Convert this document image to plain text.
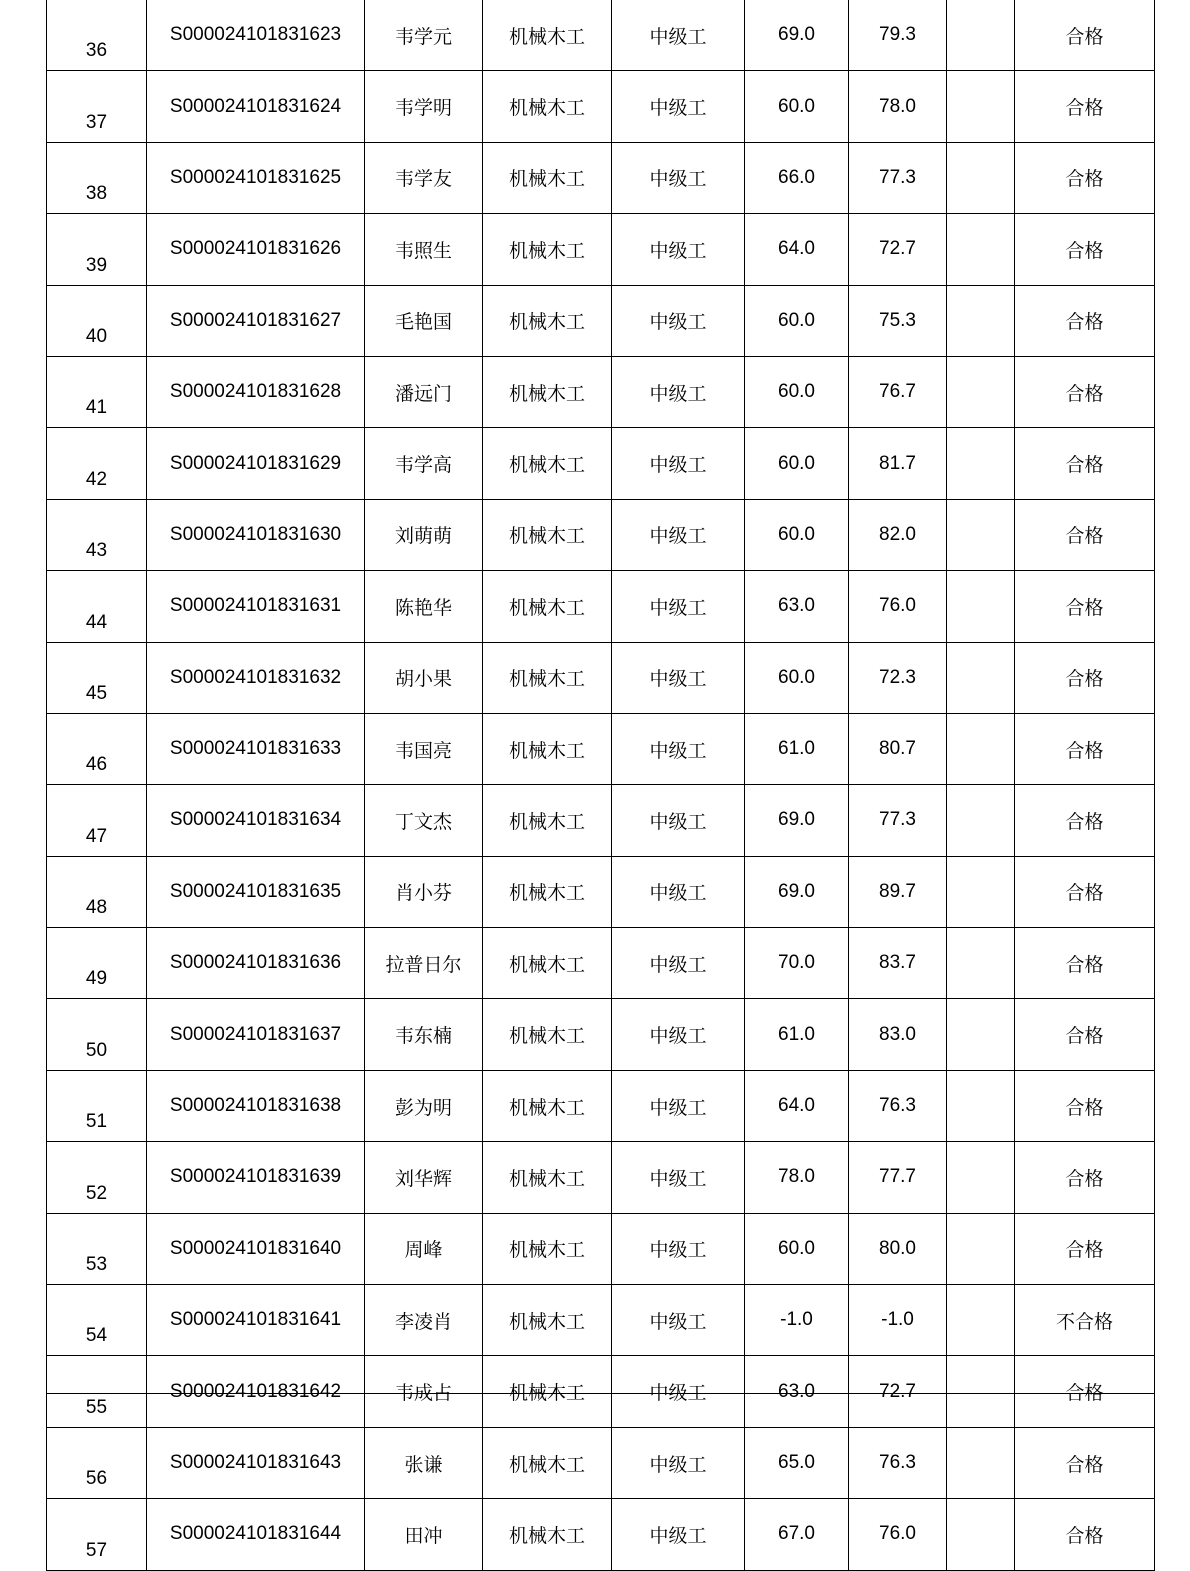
36	S000024101831623	韦学元	机械木工	中级工	69.0	79.3		合格
37	S000024101831624	韦学明	机械木工	中级工	60.0	78.0		合格
38	S000024101831625	韦学友	机械木工	中级工	66.0	77.3		合格
39	S000024101831626	韦照生	机械木工	中级工	64.0	72.7		合格
40	S000024101831627	毛艳国	机械木工	中级工	60.0	75.3		合格
41	S000024101831628	潘远门	机械木工	中级工	60.0	76.7		合格
42	S000024101831629	韦学高	机械木工	中级工	60.0	81.7		合格
43	S000024101831630	刘萌萌	机械木工	中级工	60.0	82.0		合格
44	S000024101831631	陈艳华	机械木工	中级工	63.0	76.0		合格
45	S000024101831632	胡小果	机械木工	中级工	60.0	72.3		合格
46	S000024101831633	韦国亮	机械木工	中级工	61.0	80.7		合格
47	S000024101831634	丁文杰	机械木工	中级工	69.0	77.3		合格
48	S000024101831635	肖小芬	机械木工	中级工	69.0	89.7		合格
49	S000024101831636	拉普日尔	机械木工	中级工	70.0	83.7		合格
50	S000024101831637	韦东楠	机械木工	中级工	61.0	83.0		合格
51	S000024101831638	彭为明	机械木工	中级工	64.0	76.3		合格
52	S000024101831639	刘华辉	机械木工	中级工	78.0	77.7		合格
53	S000024101831640	周峰	机械木工	中级工	60.0	80.0		合格
54	S000024101831641	李凌肖	机械木工	中级工	-1.0	-1.0		不合格
55	S000024101831642	韦成占	机械木工	中级工	63.0	72.7		合格
56	S000024101831643	张谦	机械木工	中级工	65.0	76.3		合格
57	S000024101831644	田冲	机械木工	中级工	67.0	76.0		合格
